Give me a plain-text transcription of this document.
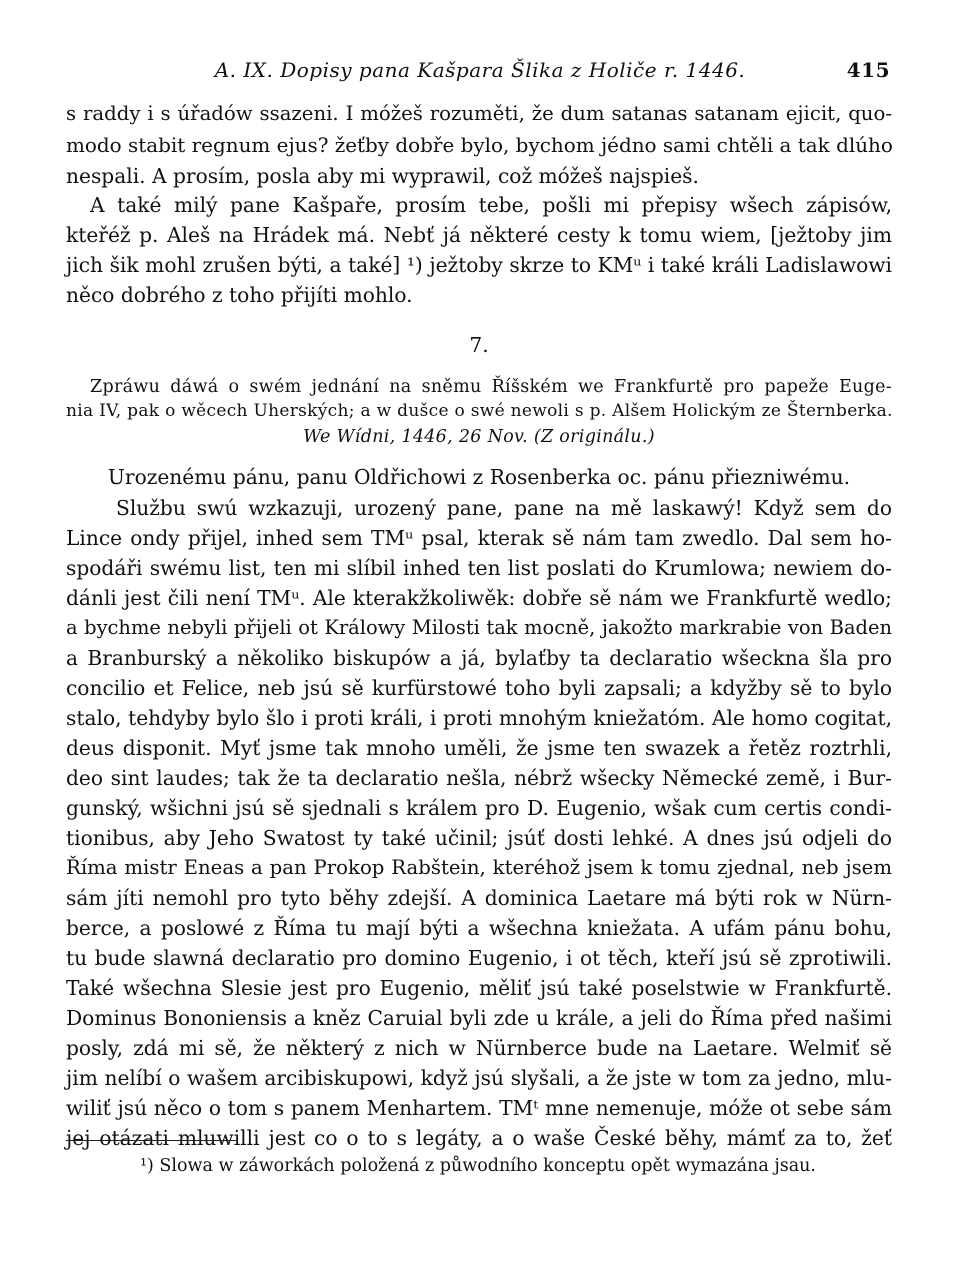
A. IX. Dopisy pana Kašpara Šlika z Holiče r. 1446.	415
s raddy i s úřadów ssazeni. I móžeš rozuměti, že dum satanas satanam ejicit, quo-
modo stabit regnum ejus? žeťby dobře bylo, bychom jédno sami chtěli a tak dlúho
nespali. A prosím, posla aby mi wyprawil, což móžeš najspieš.
A také milý pane Kašpaře, prosím tebe, pošli mi přepisy wšech zápisów,
kteřéž p. Aleš na Hrádek má. Nebť já některé cesty k tomu wiem, [ježtoby jim
jich šik mohl zrušen býti, a také] ¹) ježtoby skrze to KMᵘ i také králi Ladislawowi
něco dobrého z toho přijíti mohlo.
7.
Zpráwu dáwá o swém jednání na sněmu Říšském we Frankfurtě pro papeže Euge-
nia IV, pak o wěcech Uherských; a w dušce o swé newoli s p. Alšem Holickým ze Šternberka.
We Wídni, 1446, 26 Nov. (Z originálu.)
Urozenému pánu, panu Oldřichowi z Rosenberka oc. pánu přiezniwému.
Službu swú wzkazuji, urozený pane, pane na mě laskawý! Když sem do
Lince ondy přijel, inhed sem TMᵘ psal, kterak sě nám tam zwedlo. Dal sem ho-
spodáři swému list, ten mi slíbil inhed ten list poslati do Krumlowa; newiem do-
dánli jest čili není TMᵘ. Ale kterakžkoliwěk: dobře sě nám we Frankfurtě wedlo;
a bychme nebyli přijeli ot Králowy Milosti tak mocně, jakožto markrabie von Baden
a Branburský a několiko biskupów a já, bylaťby ta declaratio wšeckna šla pro
concilio et Felice, neb jsú sě kurfürstowé toho byli zapsali; a kdyžby sě to bylo
stalo, tehdyby bylo šlo i proti králi, i proti mnohým kniežatóm. Ale homo cogitat,
deus disponit. Myť jsme tak mnoho uměli, že jsme ten swazek a řetěz roztrhli,
deo sint laudes; tak že ta declaratio nešla, nébrž wšecky Německé země, i Bur-
gunský, wšichni jsú sě sjednali s králem pro D. Eugenio, wšak cum certis condi-
tionibus, aby Jeho Swatost ty také učinil; jsúť dosti lehké. A dnes jsú odjeli do
Říma mistr Eneas a pan Prokop Rabštein, kteréhož jsem k tomu zjednal, neb jsem
sám jíti nemohl pro tyto běhy zdejší. A dominica Laetare má býti rok w Nürn-
berce, a poslowé z Říma tu mají býti a wšechna kniežata. A ufám pánu bohu,
tu bude slawná declaratio pro domino Eugenio, i ot těch, kteří jsú sě zprotiwili.
Také wšechna Slesie jest pro Eugenio, měliť jsú také poselstwie w Frankfurtě.
Dominus Bononiensis a kněz Caruial byli zde u krále, a jeli do Říma před našimi
posly, zdá mi sě, že některý z nich w Nürnberce bude na Laetare. Welmiť sě
jim nelíbí o wašem arcibiskupowi, když jsú slyšali, a že jste w tom za jedno, mlu-
wiliť jsú něco o tom s panem Menhartem. TMᵗ mne nemenuje, móže ot sebe sám
jej otázati mluwilli jest co o to s legáty, a o waše České běhy, mámť za to, žeť
¹) Slowa w záworkách položená z půwodního konceptu opět wymazána jsau.
